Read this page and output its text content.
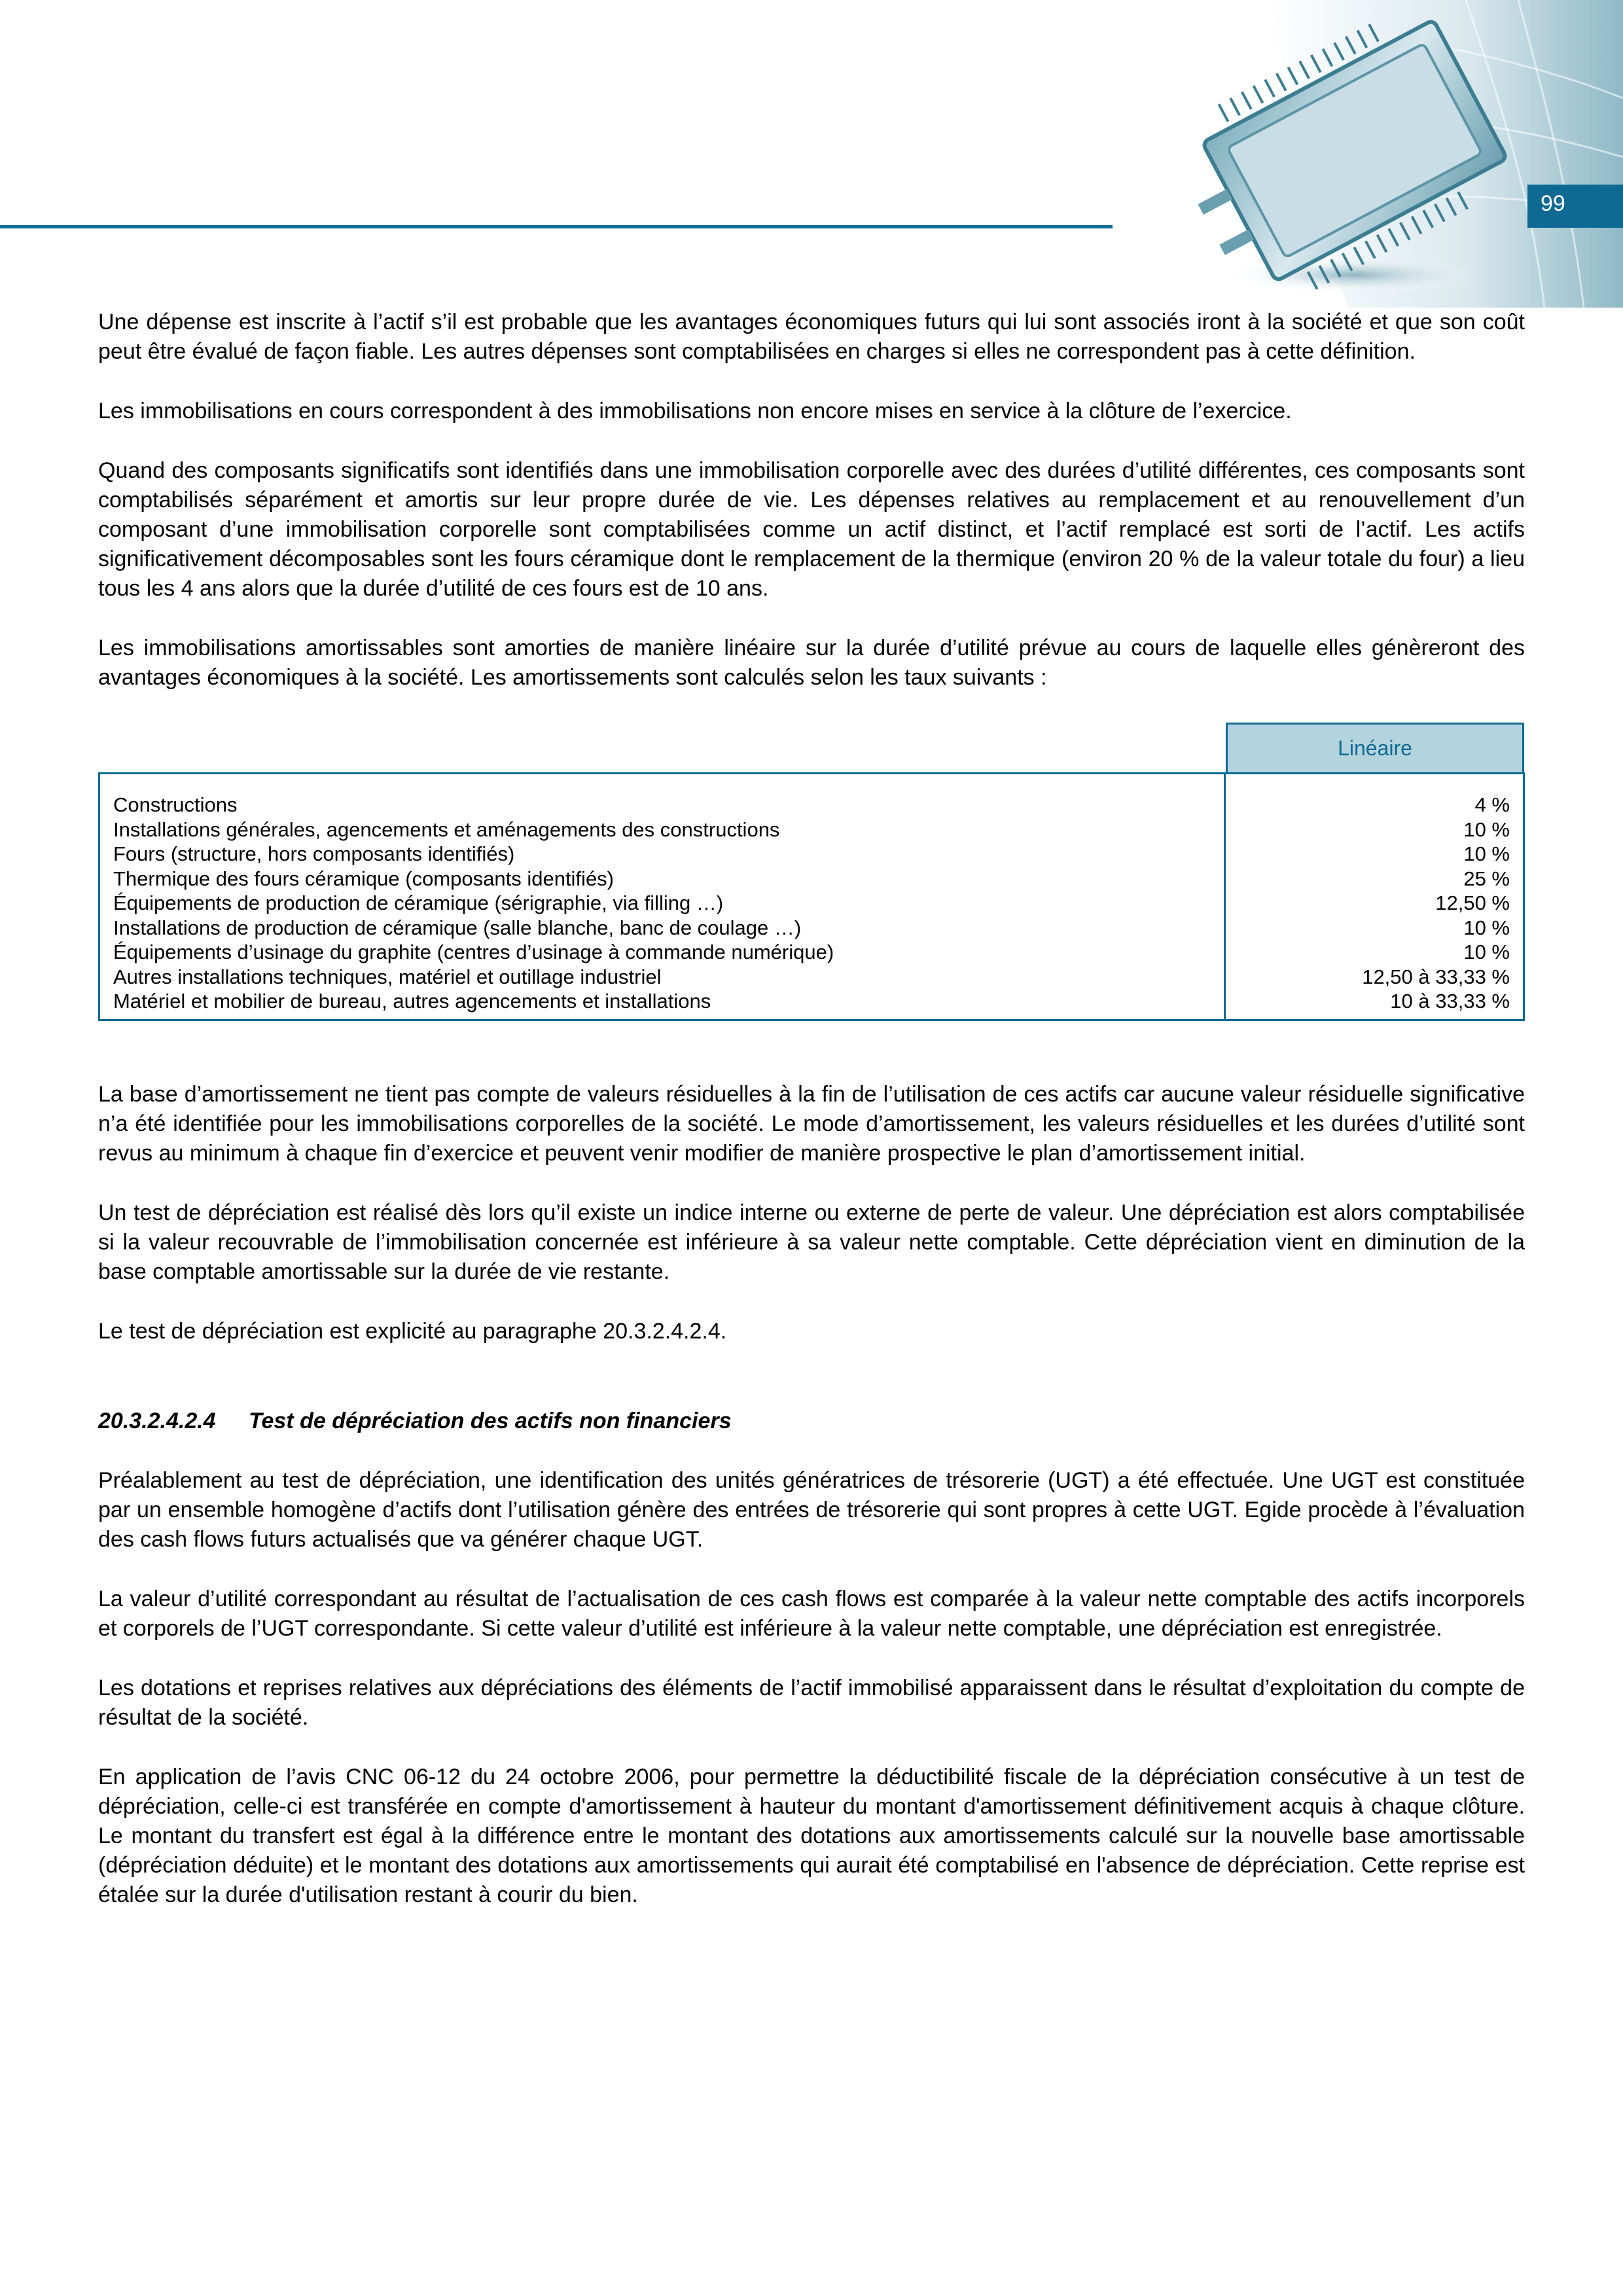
99

Une dépense est inscrite à l’actif s’il est probable que les avantages économiques futurs qui lui sont associés iront à la société et que son coût peut être évalué de façon fiable. Les autres dépenses sont comptabilisées en charges si elles ne correspondent pas à cette définition.

Les immobilisations en cours correspondent à des immobilisations non encore mises en service à la clôture de l’exercice.

Quand des composants significatifs sont identifiés dans une immobilisation corporelle avec des durées d’utilité différentes, ces composants sont comptabilisés séparément et amortis sur leur propre durée de vie. Les dépenses relatives au remplacement et au renouvellement d’un composant d’une immobilisation corporelle sont comptabilisées comme un actif distinct, et l’actif remplacé est sorti de l’actif. Les actifs significativement décomposables sont les fours céramique dont le remplacement de la thermique (environ 20 % de la valeur totale du four) a lieu tous les 4 ans alors que la durée d’utilité de ces fours est de 10 ans.

Les immobilisations amortissables sont amorties de manière linéaire sur la durée d’utilité prévue au cours de laquelle elles génèreront des avantages économiques à la société. Les amortissements sont calculés selon les taux suivants :

Linéaire
Constructions
Installations générales, agencements et aménagements des constructions
Fours (structure, hors composants identifiés)
Thermique des fours céramique (composants identifiés)
Équipements de production de céramique (sérigraphie, via filling …)
Installations de production de céramique (salle blanche, banc de coulage …)
Équipements d’usinage du graphite (centres d’usinage à commande numérique)
Autres installations techniques, matériel et outillage industriel
Matériel et mobilier de bureau, autres agencements et installations
4 %
10 %
10 %
25 %
12,50 %
10 %
10 %
12,50 à 33,33 %
10 à 33,33 %

La base d’amortissement ne tient pas compte de valeurs résiduelles à la fin de l’utilisation de ces actifs car aucune valeur résiduelle significative n’a été identifiée pour les immobilisations corporelles de la société. Le mode d’amortissement, les valeurs résiduelles et les durées d’utilité sont revus au minimum à chaque fin d’exercice et peuvent venir modifier de manière prospective le plan d’amortissement initial.

Un test de dépréciation est réalisé dès lors qu’il existe un indice interne ou externe de perte de valeur. Une dépréciation est alors comptabilisée si la valeur recouvrable de l’immobilisation concernée est inférieure à sa valeur nette comptable. Cette dépréciation vient en diminution de la base comptable amortissable sur la durée de vie restante.

Le test de dépréciation est explicité au paragraphe 20.3.2.4.2.4.

20.3.2.4.2.4 Test de dépréciation des actifs non financiers

Préalablement au test de dépréciation, une identification des unités génératrices de trésorerie (UGT) a été effectuée. Une UGT est constituée par un ensemble homogène d’actifs dont l’utilisation génère des entrées de trésorerie qui sont propres à cette UGT. Egide procède à l’évaluation des cash flows futurs actualisés que va générer chaque UGT.

La valeur d’utilité correspondant au résultat de l’actualisation de ces cash flows est comparée à la valeur nette comptable des actifs incorporels et corporels de l’UGT correspondante. Si cette valeur d’utilité est inférieure à la valeur nette comptable, une dépréciation est enregistrée.

Les dotations et reprises relatives aux dépréciations des éléments de l’actif immobilisé apparaissent dans le résultat d’exploitation du compte de résultat de la société.

En application de l’avis CNC 06-12 du 24 octobre 2006, pour permettre la déductibilité fiscale de la dépréciation consécutive à un test de dépréciation, celle-ci est transférée en compte d'amortissement à hauteur du montant d'amortissement définitivement acquis à chaque clôture. Le montant du transfert est égal à la différence entre le montant des dotations aux amortissements calculé sur la nouvelle base amortissable (dépréciation déduite) et le montant des dotations aux amortissements qui aurait été comptabilisé en l'absence de dépréciation. Cette reprise est étalée sur la durée d'utilisation restant à courir du bien.
